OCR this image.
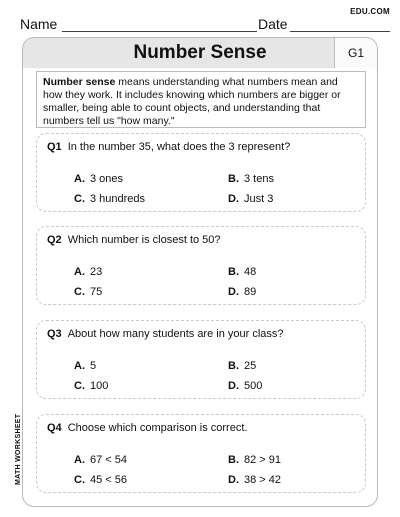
EDU.COM
Name	Date
Number Sense	G1
Number sense means understanding what numbers mean and how they work. It includes knowing which numbers are bigger or smaller, being able to count objects, and understanding that numbers tell us "how many."
Q1 In the number 35, what does the 3 represent?
A. 3 ones	B. 3 tens
C. 3 hundreds	D. Just 3
Q2 Which number is closest to 50?
A. 23	B. 48
C. 75	D. 89
Q3 About how many students are in your class?
A. 5	B. 25
C. 100	D. 500
Q4 Choose which comparison is correct.
A. 67 < 54	B. 82 > 91
C. 45 < 56	D. 38 > 42
MATH WORKSHEET
